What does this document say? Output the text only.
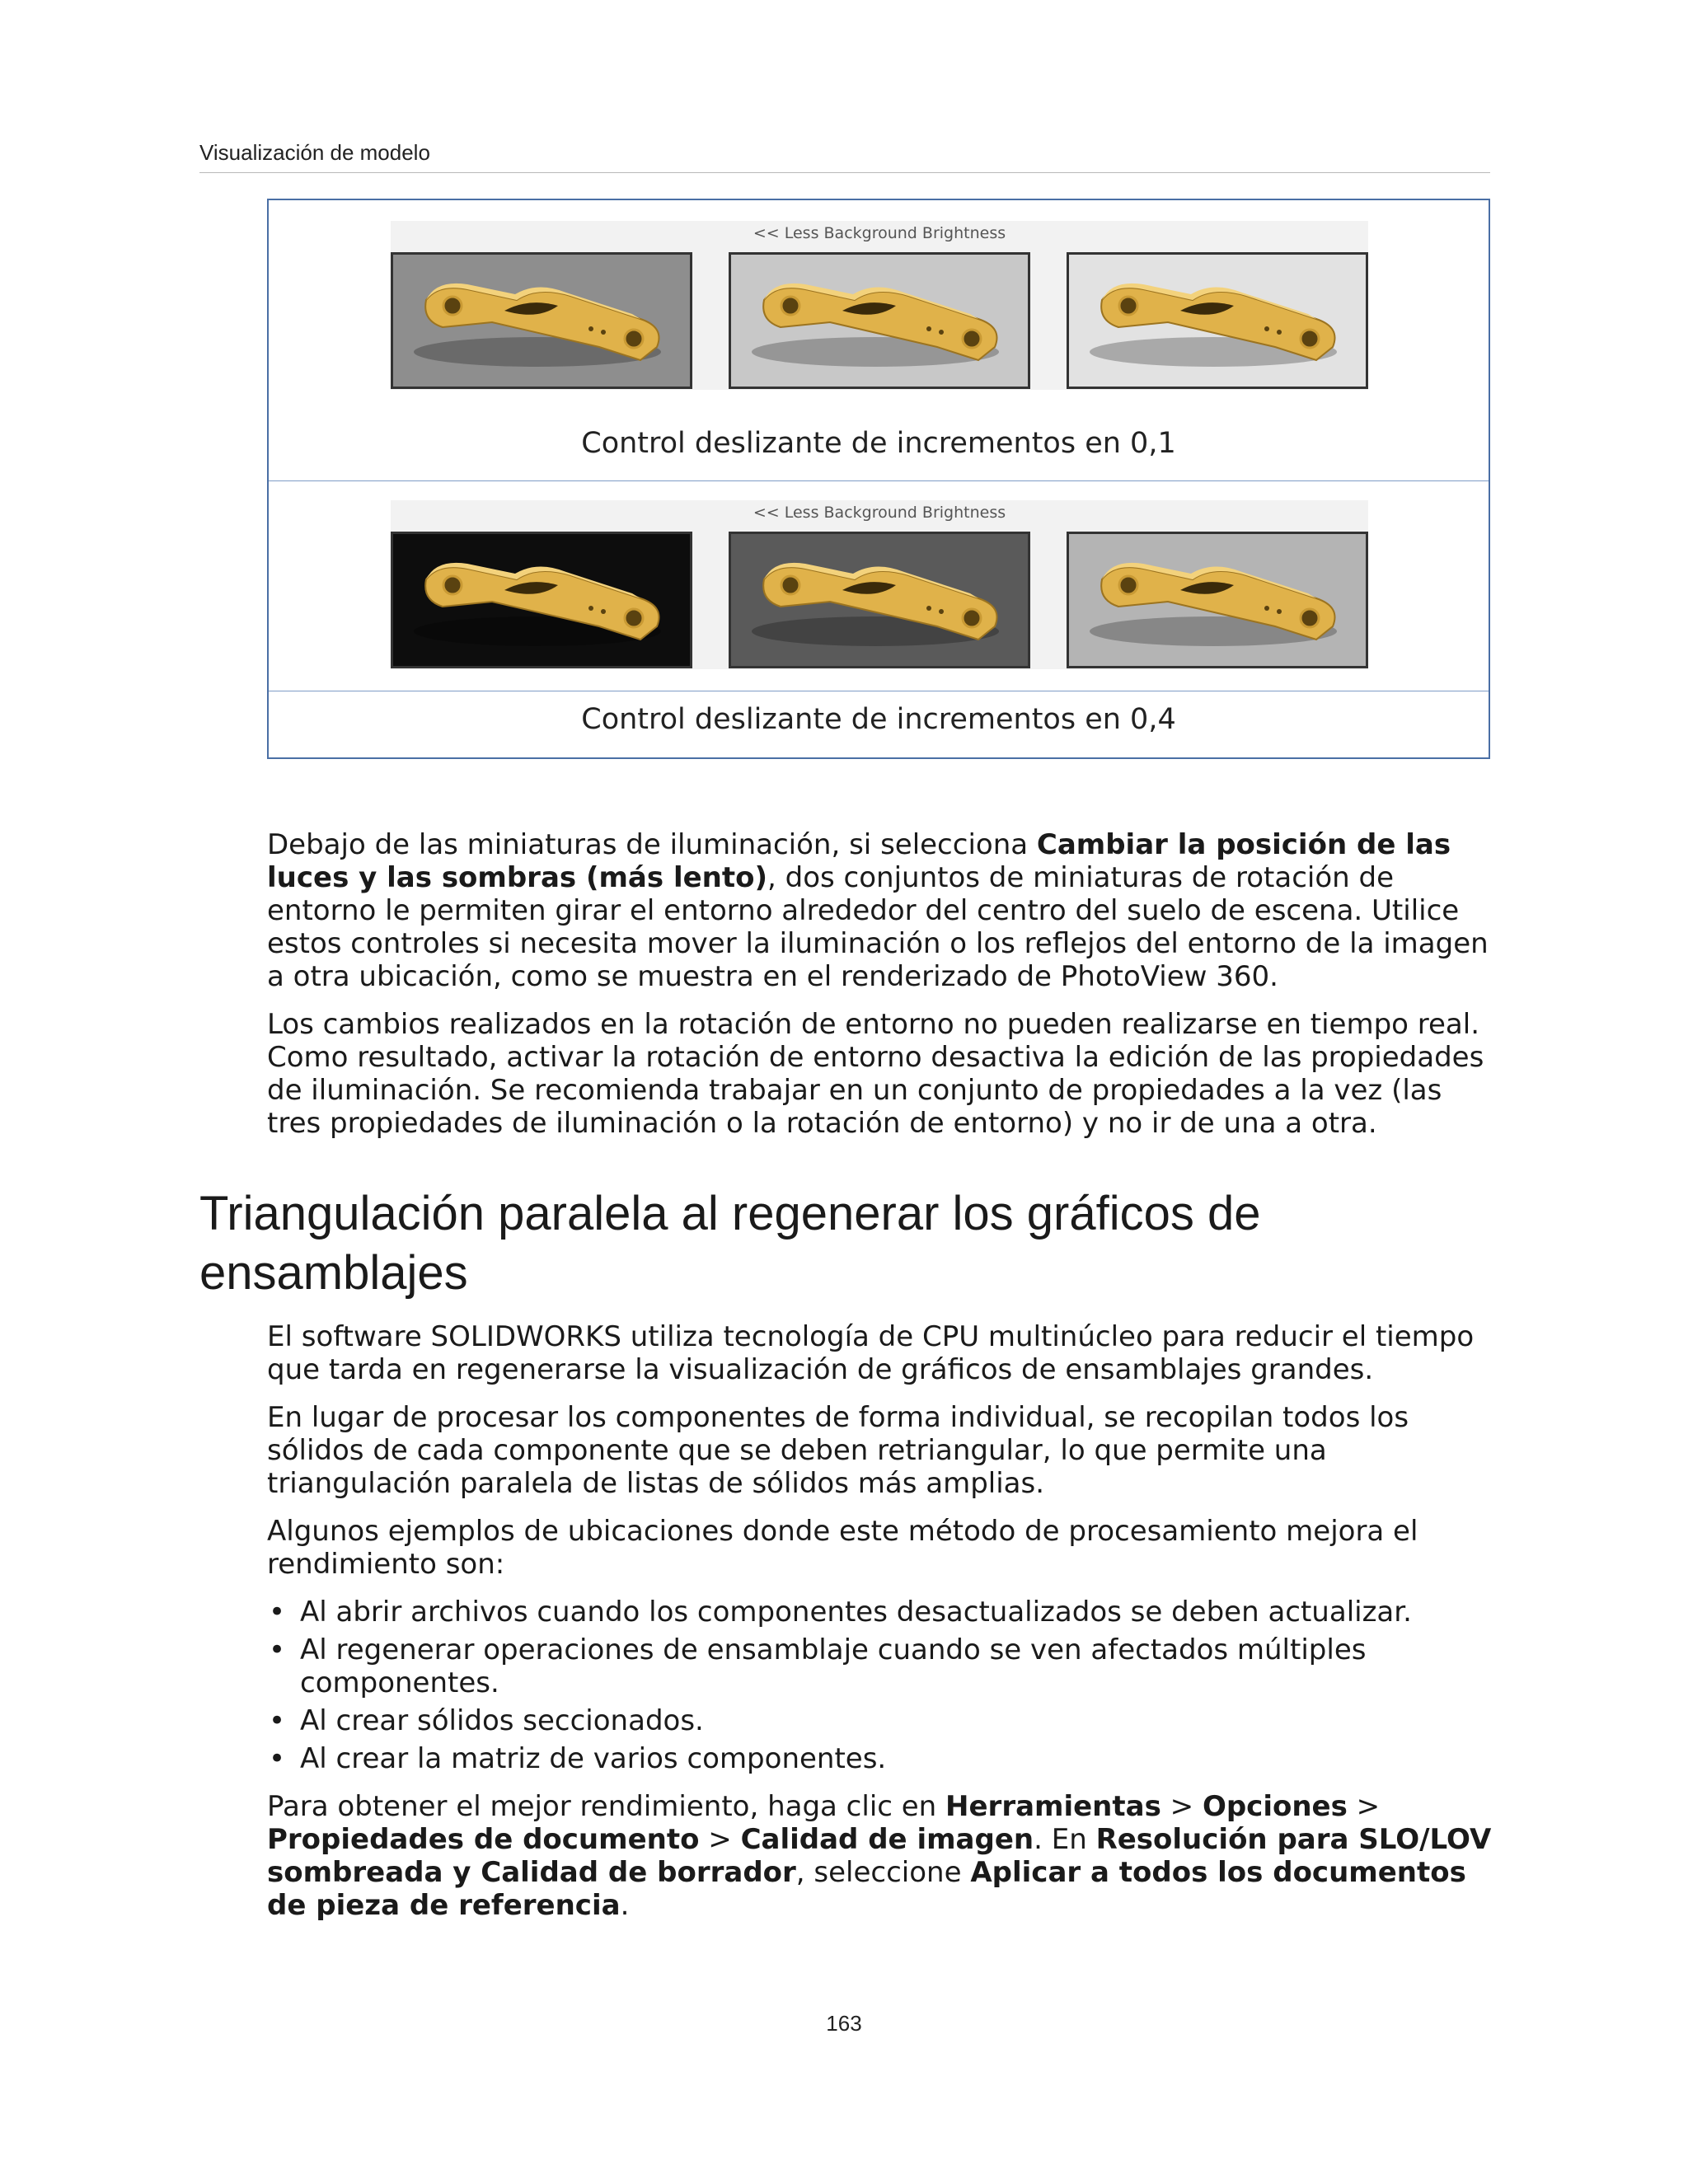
Visualización de modelo
<< Less Background Brightness
Control deslizante de incrementos en 0,1
<< Less Background Brightness
Control deslizante de incrementos en 0,4

Debajo de las miniaturas de iluminación, si selecciona Cambiar la posición de las luces y las sombras (más lento), dos conjuntos de miniaturas de rotación de entorno le permiten girar el entorno alrededor del centro del suelo de escena. Utilice estos controles si necesita mover la iluminación o los reflejos del entorno de la imagen a otra ubicación, como se muestra en el renderizado de PhotoView 360.

Los cambios realizados en la rotación de entorno no pueden realizarse en tiempo real. Como resultado, activar la rotación de entorno desactiva la edición de las propiedades de iluminación. Se recomienda trabajar en un conjunto de propiedades a la vez (las tres propiedades de iluminación o la rotación de entorno) y no ir de una a otra.

Triangulación paralela al regenerar los gráficos de
ensamblajes

El software SOLIDWORKS utiliza tecnología de CPU multinúcleo para reducir el tiempo que tarda en regenerarse la visualización de gráficos de ensamblajes grandes.

En lugar de procesar los componentes de forma individual, se recopilan todos los sólidos de cada componente que se deben retriangular, lo que permite una triangulación paralela de listas de sólidos más amplias.

Algunos ejemplos de ubicaciones donde este método de procesamiento mejora el rendimiento son:

• Al abrir archivos cuando los componentes desactualizados se deben actualizar.
• Al regenerar operaciones de ensamblaje cuando se ven afectados múltiples componentes.
• Al crear sólidos seccionados.
• Al crear la matriz de varios componentes.

Para obtener el mejor rendimiento, haga clic en Herramientas > Opciones > Propiedades de documento > Calidad de imagen. En Resolución para SLO/LOV sombreada y Calidad de borrador, seleccione Aplicar a todos los documentos de pieza de referencia.

163
